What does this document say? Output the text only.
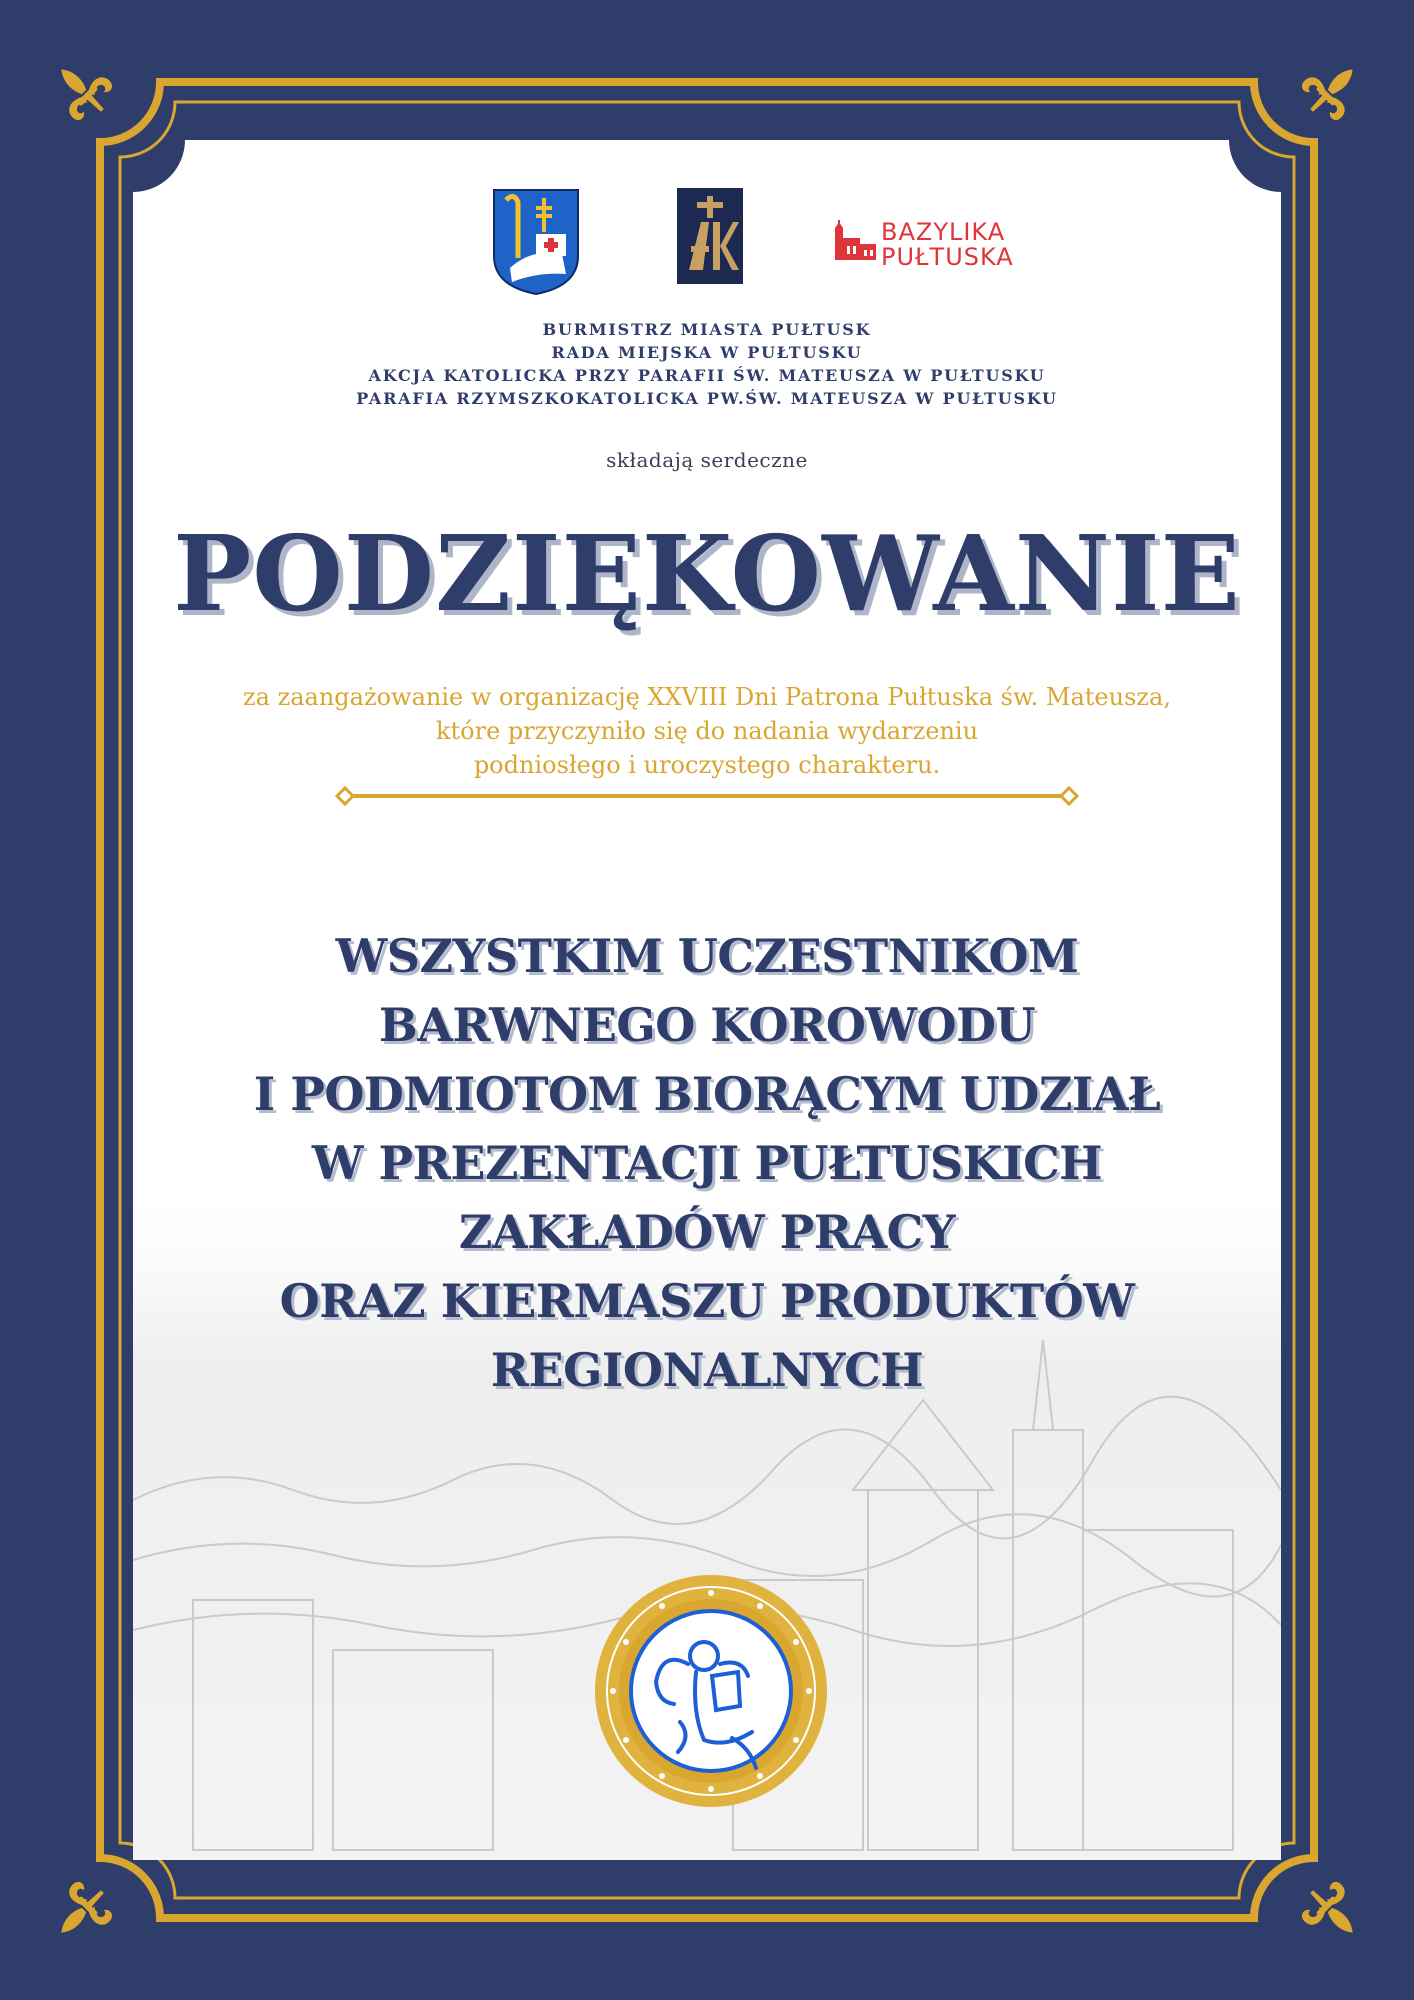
BAZYLIKA
PUŁTUSKA
BURMISTRZ MIASTA PUŁTUSK
RADA MIEJSKA W PUŁTUSKU
AKCJA KATOLICKA PRZY PARAFII ŚW. MATEUSZA W PUŁTUSKU
PARAFIA RZYMSZKOKATOLICKA PW.ŚW. MATEUSZA W PUŁTUSKU
składają serdeczne
PODZIĘKOWANIE
za zaangażowanie w organizację XXVIII Dni Patrona Pułtuska św. Mateusza,
które przyczyniło się do nadania wydarzeniu
podniosłego i uroczystego charakteru.
WSZYSTKIM UCZESTNIKOM
BARWNEGO KOROWODU
I PODMIOTOM BIORĄCYM UDZIAŁ
W PREZENTACJI PUŁTUSKICH
ZAKŁADÓW PRACY
ORAZ KIERMASZU PRODUKTÓW
REGIONALNYCH
